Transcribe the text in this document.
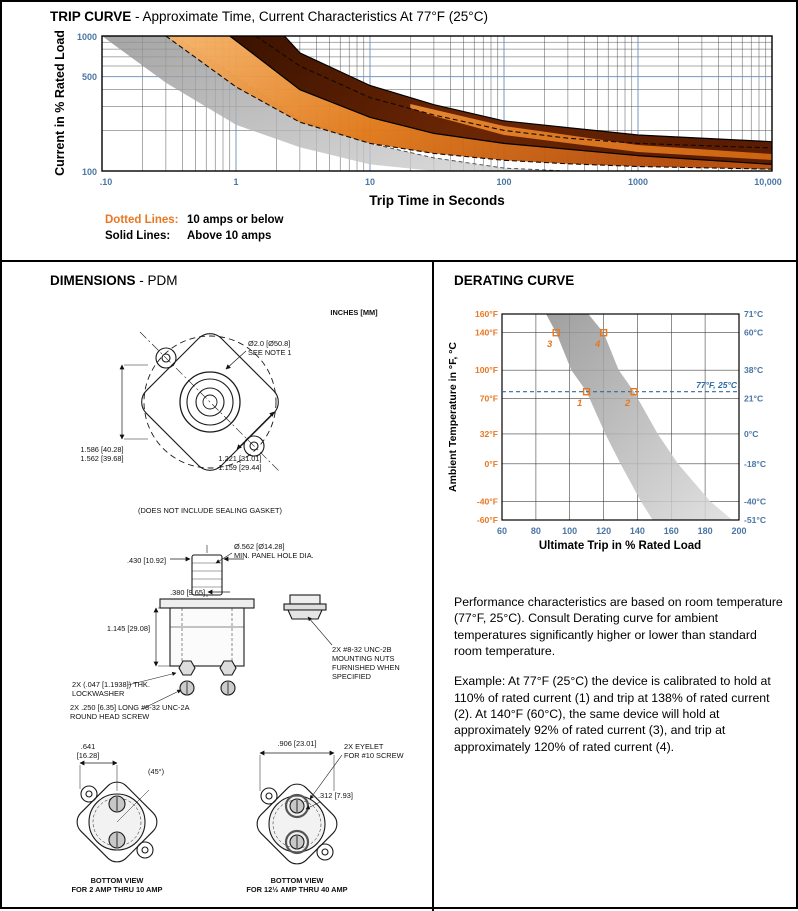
TRIP CURVE - Approximate Time, Current Characteristics At 77°F (25°C)
1000
500
100
.10	1	10	100	1000	10,000
Trip Time in Seconds
Current in % Rated Load
Dotted Lines: 10 amps or below
Solid Lines:	Above 10 amps
DIMENSIONS - PDM
INCHES [MM]
Ø2.0 [Ø50.8]
SEE NOTE 1
1.586 [40.28]
1.562 [39.68]	1.221 [31.01]
1.159 [29.44]
(DOES NOT INCLUDE SEALING GASKET)
Ø.562 [Ø14.28]
MIN. PANEL HOLE DIA.
.430 [10.92]
.380 [9.65]
1.145 [29.08]
2X #8-32 UNC-2B
MOUNTING NUTS
FURNISHED WHEN
SPECIFIED
2X (.047 [1.1938]) THK.
LOCKWASHER
2X .250 [6.35] LONG #8-32 UNC-2A
ROUND HEAD SCREW
.641
[16.28]
(45°)
.906 [23.01]
.312 [7.93]
2X EYELET
FOR #10 SCREW
BOTTOM VIEW
FOR 2 AMP THRU 10 AMP
BOTTOM VIEW
FOR 12½ AMP THRU 40 AMP
DERATING CURVE
77°F, 25°C
1	2
3	4
160°F
140°F
100°F
70°F
32°F
0°F
-40°F
-60°F
71°C
60°C
38°C
21°C
0°C
-18°C
-40°C
-51°C
60	80 100 120 140 160 180 200
Ultimate Trip in % Rated Load
Ambient Temperature in °F, °C

Performance characteristics are based on room temperature (77°F, 25°C). Consult Derating curve for ambient temperatures significantly higher or lower than standard room temperature.

Example: At 77°F (25°C) the device is calibrated to hold at 110% of rated current (1) and trip at 138% of rated current (2). At 140°F (60°C), the same device will hold at approximately 92% of rated current (3), and trip at approximately 120% of rated current (4).
